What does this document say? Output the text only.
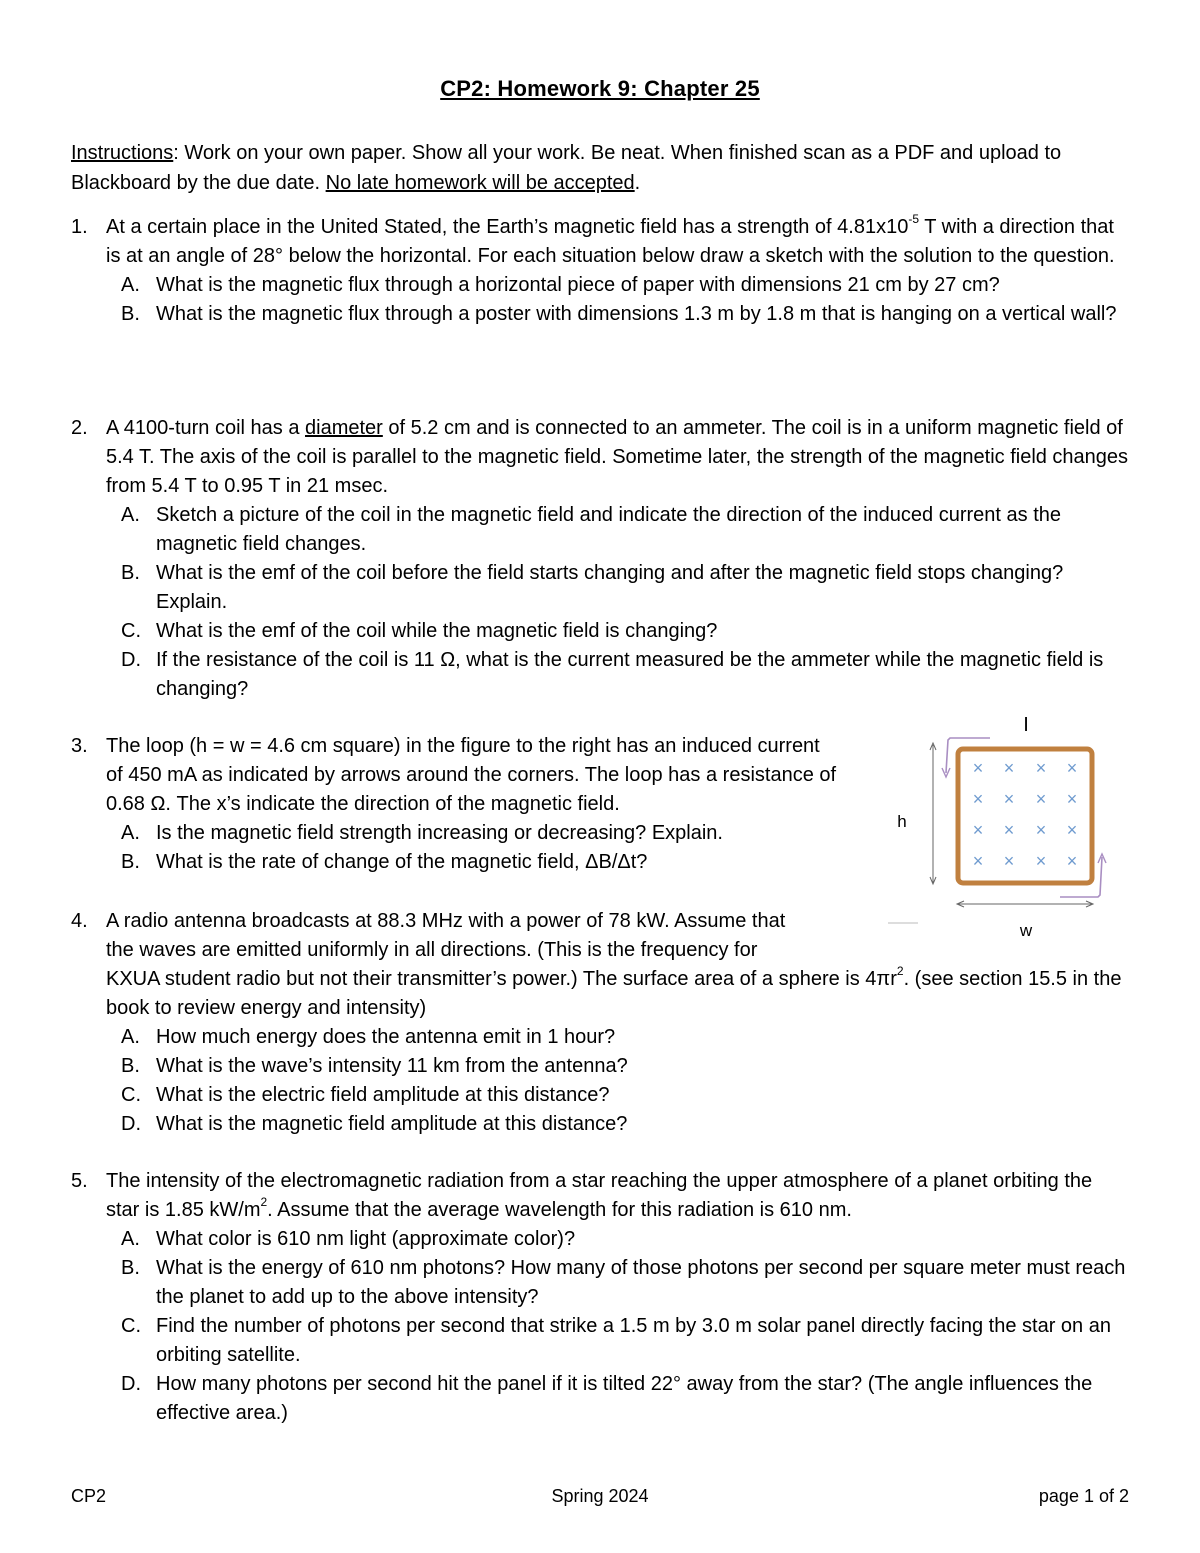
CP2: Homework 9: Chapter 25
Instructions: Work on your own paper. Show all your work. Be neat. When finished scan as a PDF and upload to Blackboard by the due date. No late homework will be accepted.
1. At a certain place in the United Stated, the Earth’s magnetic field has a strength of $4.81x10^{-5}$ T with a direction that is at an angle of 28° below the horizontal. For each situation below draw a sketch with the solution to the question.
A. What is the magnetic flux through a horizontal piece of paper with dimensions 21 cm by 27 cm?
B. What is the magnetic flux through a poster with dimensions 1.3 m by 1.8 m that is hanging on a vertical wall?
2. A 4100-turn coil has a diameter of 5.2 cm and is connected to an ammeter. The coil is in a uniform magnetic field of 5.4 T. The axis of the coil is parallel to the magnetic field. Sometime later, the strength of the magnetic field changes from 5.4 T to 0.95 T in 21 msec.
A. Sketch a picture of the coil in the magnetic field and indicate the direction of the induced current as the magnetic field changes.
B. What is the emf of the coil before the field starts changing and after the magnetic field stops changing? Explain.
C. What is the emf of the coil while the magnetic field is changing?
D. If the resistance of the coil is 11 Ω, what is the current measured be the ammeter while the magnetic field is changing?
3. The loop (h = w = 4.6 cm square) in the figure to the right has an induced current of 450 mA as indicated by arrows around the corners. The loop has a resistance of 0.68 Ω. The x’s indicate the direction of the magnetic field.
A. Is the magnetic field strength increasing or decreasing? Explain.
B. What is the rate of change of the magnetic field, ΔB/Δt?
I
h
× × × ×
× × × ×
× × × ×
× × × ×
w
4. A radio antenna broadcasts at 88.3 MHz with a power of 78 kW. Assume that
the waves are emitted uniformly in all directions. (This is the frequency for
KXUA student radio but not their transmitter’s power.) The surface area of a sphere is $4\pi r^2$. (see section 15.5 in the book to review energy and intensity)
A. How much energy does the antenna emit in 1 hour?
B. What is the wave’s intensity 11 km from the antenna?
C. What is the electric field amplitude at this distance?
D. What is the magnetic field amplitude at this distance?
5. The intensity of the electromagnetic radiation from a star reaching the upper atmosphere of a planet orbiting the star is 1.85 $kW/m^2$. Assume that the average wavelength for this radiation is 610 nm.
A. What color is 610 nm light (approximate color)?
B. What is the energy of 610 nm photons? How many of those photons per second per square meter must reach the planet to add up to the above intensity?
C. Find the number of photons per second that strike a 1.5 m by 3.0 m solar panel directly facing the star on an orbiting satellite.
D. How many photons per second hit the panel if it is tilted 22° away from the star? (The angle influences the effective area.)
CP2	Spring 2024	page 1 of 2
